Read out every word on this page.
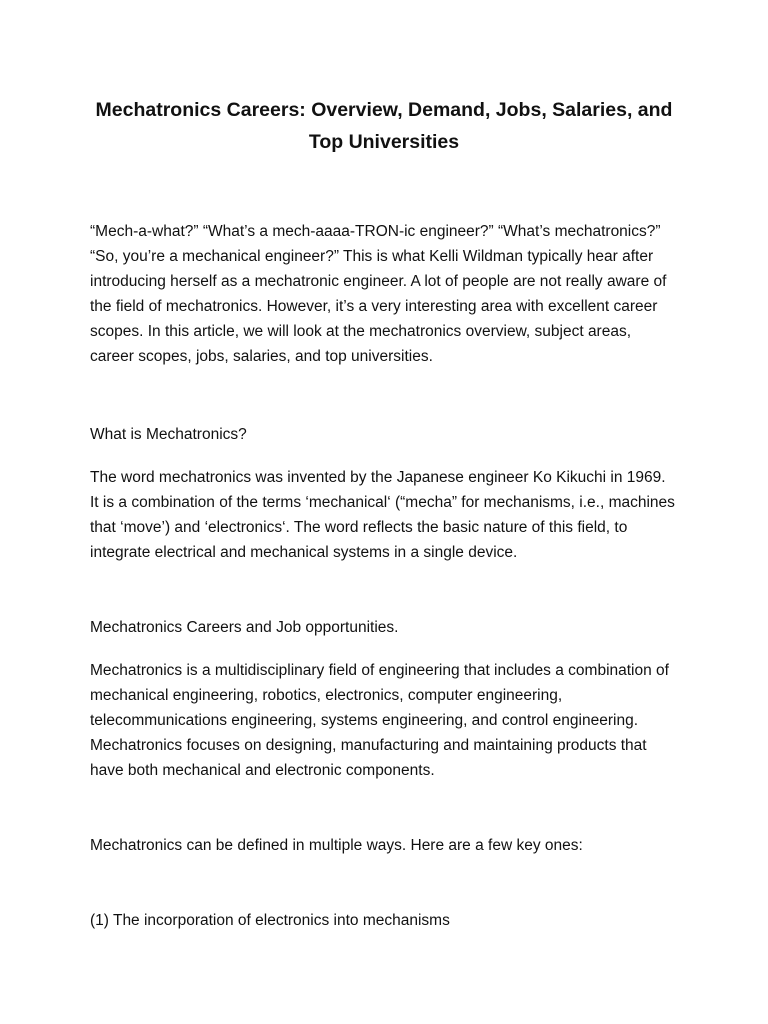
Mechatronics Careers: Overview, Demand, Jobs, Salaries, and
Top Universities

“Mech-a-what?” “What’s a mech-aaaa-TRON-ic engineer?” “What’s mechatronics?” “So, you’re a mechanical engineer?” This is what Kelli Wildman typically hear after introducing herself as a mechatronic engineer. A lot of people are not really aware of the field of mechatronics. However, it’s a very interesting area with excellent career scopes. In this article, we will look at the mechatronics overview, subject areas, career scopes, jobs, salaries, and top universities.

What is Mechatronics?

The word mechatronics was invented by the Japanese engineer Ko Kikuchi in 1969. It is a combination of the terms ‘mechanical‘ (“mecha” for mechanisms, i.e., machines that ‘move’) and ‘electronics‘. The word reflects the basic nature of this field, to integrate electrical and mechanical systems in a single device.

Mechatronics Careers and Job opportunities.

Mechatronics is a multidisciplinary field of engineering that includes a combination of mechanical engineering, robotics, electronics, computer engineering, telecommunications engineering, systems engineering, and control engineering. Mechatronics focuses on designing, manufacturing and maintaining products that have both mechanical and electronic components.

Mechatronics can be defined in multiple ways. Here are a few key ones:

(1) The incorporation of electronics into mechanisms
